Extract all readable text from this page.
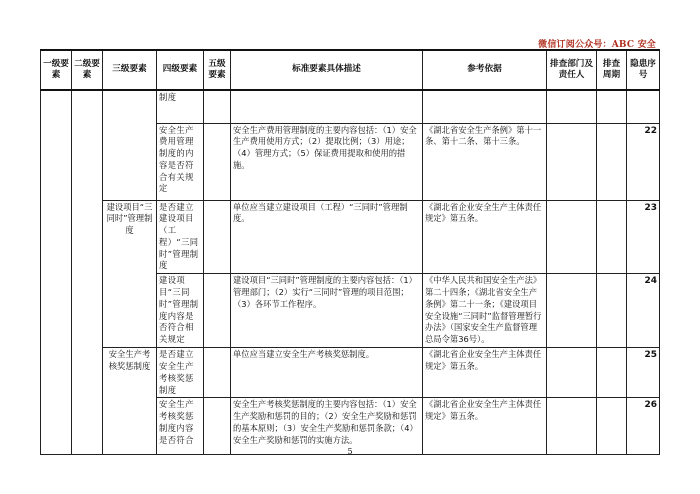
微信订阅公众号：ABC 安全
一级要素	二级要素	三级要素	四级要素	五级要素	标准要素具体描述	参考依据	排查部门及责任人	排查周期	隐患序号
			制度						
			安全生产费用管理制度的内容是否符合有关规定		安全生产费用管理制度的主要内容包括：（1）安全生产费用使用方式；（2）提取比例；（3）用途；（4）管理方式；（5）保证费用提取和使用的措施。	《湖北省安全生产条例》第十一条、第十二条、第十三条。			22
		建设项目“三同时”管理制度	是否建立建设项目（工程）“三同时”管理制度		单位应当建立建设项目（工程）“三同时”管理制度。	《湖北省企业安全生产主体责任规定》第五条。			23
			建设项目“三同时”管理制度内容是否符合相关规定		建设项目“三同时”管理制度的主要内容包括：（1）管理部门；（2）实行“三同时”管理的项目范围；（3）各环节工作程序。	《中华人民共和国安全生产法》第二十四条；《湖北省安全生产条例》第二十一条；《建设项目安全设施“三同时”监督管理暂行办法》（国家安全生产监督管理总局令第36号）。			24
		安全生产考核奖惩制度	是否建立安全生产考核奖惩制度		单位应当建立安全生产考核奖惩制度。	《湖北省企业安全生产主体责任规定》第五条。			25
			安全生产考核奖惩制度内容是否符合		安全生产考核奖惩制度的主要内容包括：（1）安全生产奖励和惩罚的目的；（2）安全生产奖励和惩罚的基本原则；（3）安全生产奖励和惩罚条款；（4）安全生产奖励和惩罚的实施方法。	《湖北省企业安全生产主体责任规定》第五条。			26
5
